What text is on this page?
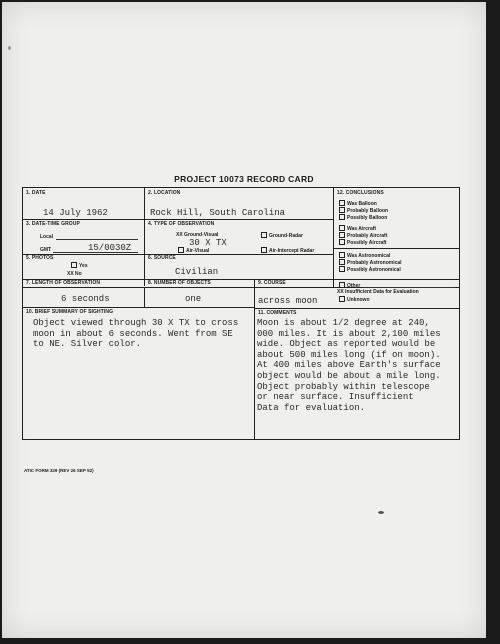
PROJECT 10073 RECORD CARD
1. DATE
14 July 1962
2. LOCATION
Rock Hill, South Carolina
3. DATE-TIME GROUP
Local
GMT	15/0030Z
4. TYPE OF OBSERVATION
XX Ground-Visual
30 X TX
Air-Visual
Ground-Radar
Air-Intercept Radar
5. PHOTOS
Yes
XX No
6. SOURCE
Civilian
7. LENGTH OF OBSERVATION
6 seconds
8. NUMBER OF OBJECTS
one
9. COURSE
across moon
10. BRIEF SUMMARY OF SIGHTING
Object viewed through 30 X TX to cross
moon in about 6 seconds. Went from SE
to NE. Silver color.
11. COMMENTS
Moon is about 1/2 degree at 240,
000 miles. It is about 2,100 miles
wide. Object as reported would be
about 500 miles long (if on moon).
At 400 miles above Earth's surface
object would be about a mile long.
Object probably within telescope
or near surface. Insufficient
Data for evaluation.
12. CONCLUSIONS
Was Balloon
Probably Balloon
Possibly Balloon
Was Aircraft
Probably Aircraft
Possibly Aircraft
Was Astronomical
Probably Astronomical
Possibly Astronomical
Other
XX Insufficient Data for Evaluation
Unknown
ATIC FORM 329 (REV 26 SEP 52)
